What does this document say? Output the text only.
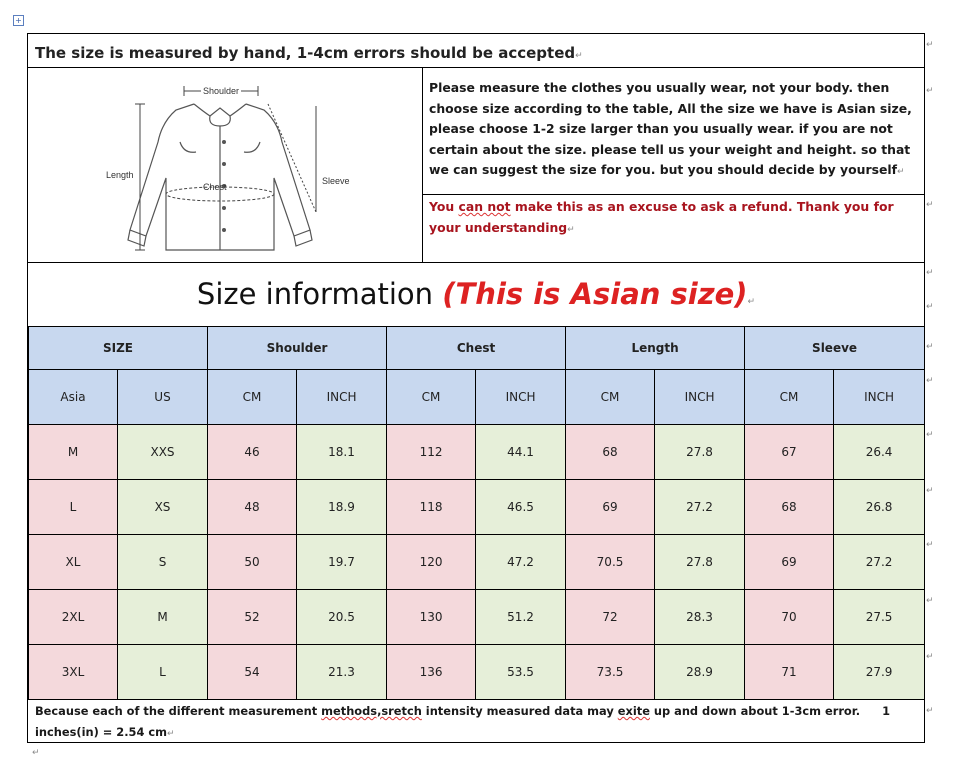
+
The size is measured by hand, 1-4cm errors should be accepted↵
Shoulder
Length
Chest
Sleeve
Please measure the clothes you usually wear, not your body. then choose size according to the table, All the size we have is Asian size, please choose 1-2 size larger than you usually wear. if you are not certain about the size. please tell us your weight and height. so that we can suggest the size for you. but you should decide by yourself↵
You can not make this as an excuse to ask a refund. Thank you for your understanding↵
Size information (This is Asian size)↵
SIZE		Shoulder		Chest		Length		Sleeve	
Asia	US	CM	INCH	CM	INCH	CM	INCH	CM	INCH
M	XXS	46	18.1	112	44.1	68	27.8	67	26.4
L	XS	48	18.9	118	46.5	69	27.2	68	26.8
XL	S	50	19.7	120	47.2	70.5	27.8	69	27.2
2XL	M	52	20.5	130	51.2	72	28.3	70	27.5
3XL	L	54	21.3	136	53.5	73.5	28.9	71	27.9
Because each of the different measurement methods,sretch intensity measured data may exite up and down about 1-3cm error. 1inches(in) = 2.54 cm↵
↵
↵
↵
↵
↵
↵
↵
↵
↵
↵
↵
↵
↵
↵
